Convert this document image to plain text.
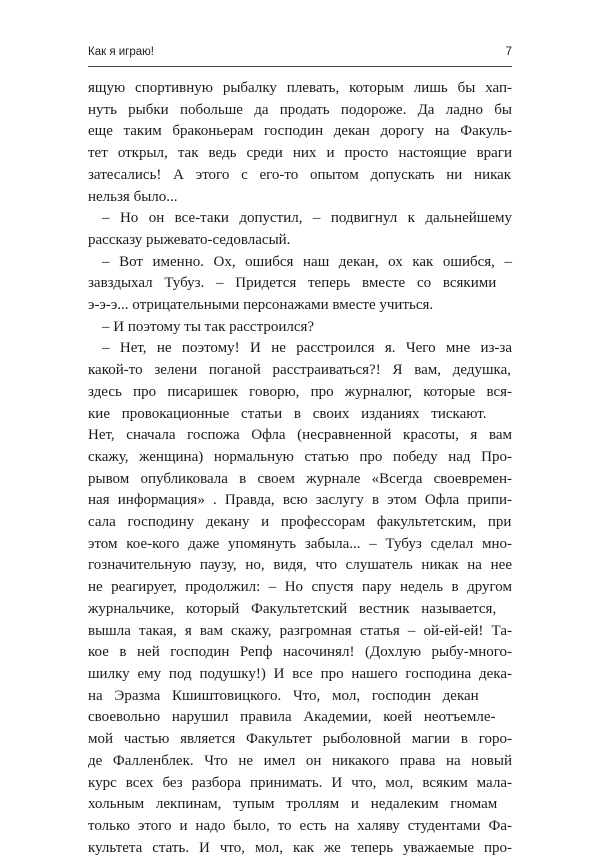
Как я играю!	7
ящую спортивную рыбалку плевать, которым лишь бы хап-
нуть рыбки побольше да продать подороже. Да ладно бы
еще таким браконьерам господин декан дорогу на Факуль-
тет открыл, так ведь среди них и просто настоящие враги
затесались! А этого с его-то опытом допускать ни никак
нельзя было...
– Но он все-таки допустил, – подвигнул к дальнейшему
рассказу рыжевато-седовласый.
– Вот именно. Ох, ошибся наш декан, ох как ошибся, –
завздыхал Тубуз. – Придется теперь вместе со всякими
э-э-э... отрицательными персонажами вместе учиться.
– И поэтому ты так расстроился?
– Нет, не поэтому! И не расстроился я. Чего мне из-за
какой-то зелени поганой расстраиваться?! Я вам, дедушка,
здесь про писаришек говорю, про журналюг, которые вся-
кие провокационные статьи в своих изданиях тискают.
Нет, сначала госпожа Офла (несравненной красоты, я вам
скажу, женщина) нормальную статью про победу над Про-
рывом опубликовала в своем журнале «Всегда своевремен-
ная информация» . Правда, всю заслугу в этом Офла припи-
сала господину декану и профессорам факультетским, при
этом кое-кого даже упомянуть забыла... – Тубуз сделал мно-
гозначительную паузу, но, видя, что слушатель никак на нее
не реагирует, продолжил: – Но спустя пару недель в другом
журнальчике, который Факультетский вестник называется,
вышла такая, я вам скажу, разгромная статья – ой-ей-ей! Та-
кое в ней господин Репф насочинял! (Дохлую рыбу-много-
шилку ему под подушку!) И все про нашего господина дека-
на Эразма Кшиштовицкого. Что, мол, господин декан
своевольно нарушил правила Академии, коей неотъемле-
мой частью является Факультет рыболовной магии в горо-
де Фалленблек. Что не имел он никакого права на новый
курс всех без разбора принимать. И что, мол, всяким мала-
хольным лекпинам, тупым троллям и недалеким гномам
только этого и надо было, то есть на халяву студентами Фа-
культета стать. И что, мол, как же теперь уважаемые про-
